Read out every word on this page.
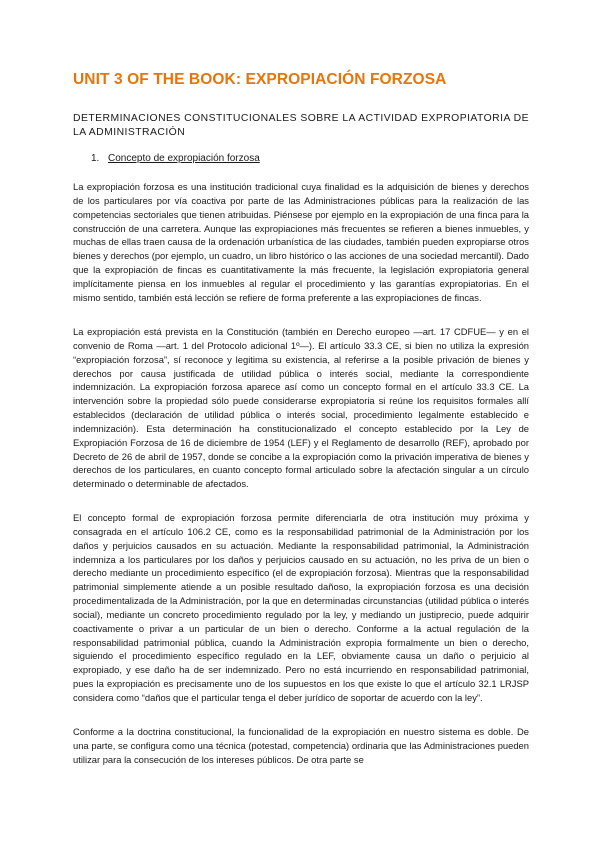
UNIT 3 OF THE BOOK: EXPROPIACIÓN FORZOSA

DETERMINACIONES CONSTITUCIONALES SOBRE LA ACTIVIDAD EXPROPIATORIA DE LA ADMINISTRACIÓN

1. Concepto de expropiación forzosa

La expropiación forzosa es una institución tradicional cuya finalidad es la adquisición de bienes y derechos de los particulares por vía coactiva por parte de las Administraciones públicas para la realización de las competencias sectoriales que tienen atribuidas. Piénsese por ejemplo en la expropiación de una finca para la construcción de una carretera. Aunque las expropiaciones más frecuentes se refieren a bienes inmuebles, y muchas de ellas traen causa de la ordenación urbanística de las ciudades, también pueden expropiarse otros bienes y derechos (por ejemplo, un cuadro, un libro histórico o las acciones de una sociedad mercantil). Dado que la expropiación de fincas es cuantitativamente la más frecuente, la legislación expropiatoria general implícitamente piensa en los inmuebles al regular el procedimiento y las garantías expropiatorias. En el mismo sentido, también está lección se refiere de forma preferente a las expropiaciones de fincas.

La expropiación está prevista en la Constitución (también en Derecho europeo —art. 17 CDFUE— y en el convenio de Roma —art. 1 del Protocolo adicional 1º—). El artículo 33.3 CE, si bien no utiliza la expresión “expropiación forzosa”, sí reconoce y legitima su existencia, al referirse a la posible privación de bienes y derechos por causa justificada de utilidad pública o interés social, mediante la correspondiente indemnización. La expropiación forzosa aparece así como un concepto formal en el artículo 33.3 CE. La intervención sobre la propiedad sólo puede considerarse expropiatoria si reúne los requisitos formales allí establecidos (declaración de utilidad pública o interés social, procedimiento legalmente establecido e indemnización). Esta determinación ha constitucionalizado el concepto establecido por la Ley de Expropiación Forzosa de 16 de diciembre de 1954 (LEF) y el Reglamento de desarrollo (REF), aprobado por Decreto de 26 de abril de 1957, donde se concibe a la expropiación como la privación imperativa de bienes y derechos de los particulares, en cuanto concepto formal articulado sobre la afectación singular a un círculo determinado o determinable de afectados.

El concepto formal de expropiación forzosa permite diferenciarla de otra institución muy próxima y consagrada en el artículo 106.2 CE, como es la responsabilidad patrimonial de la Administración por los daños y perjuicios causados en su actuación. Mediante la responsabilidad patrimonial, la Administración indemniza a los particulares por los daños y perjuicios causado en su actuación, no les priva de un bien o derecho mediante un procedimiento específico (el de expropiación forzosa). Mientras que la responsabilidad patrimonial simplemente atiende a un posible resultado dañoso, la expropiación forzosa es una decisión procedimentalizada de la Administración, por la que en determinadas circunstancias (utilidad pública o interés social), mediante un concreto procedimiento regulado por la ley, y mediando un justiprecio, puede adquirir coactivamente o privar a un particular de un bien o derecho. Conforme a la actual regulación de la responsabilidad patrimonial pública, cuando la Administración expropia formalmente un bien o derecho, siguiendo el procedimiento específico regulado en la LEF, obviamente causa un daño o perjuicio al expropiado, y ese daño ha de ser indemnizado. Pero no está incurriendo en responsabilidad patrimonial, pues la expropiación es precisamente uno de los supuestos en los que existe lo que el artículo 32.1 LRJSP considera como “daños que el particular tenga el deber jurídico de soportar de acuerdo con la ley”.

Conforme a la doctrina constitucional, la funcionalidad de la expropiación en nuestro sistema es doble. De una parte, se configura como una técnica (potestad, competencia) ordinaria que las Administraciones pueden utilizar para la consecución de los intereses públicos. De otra parte se
